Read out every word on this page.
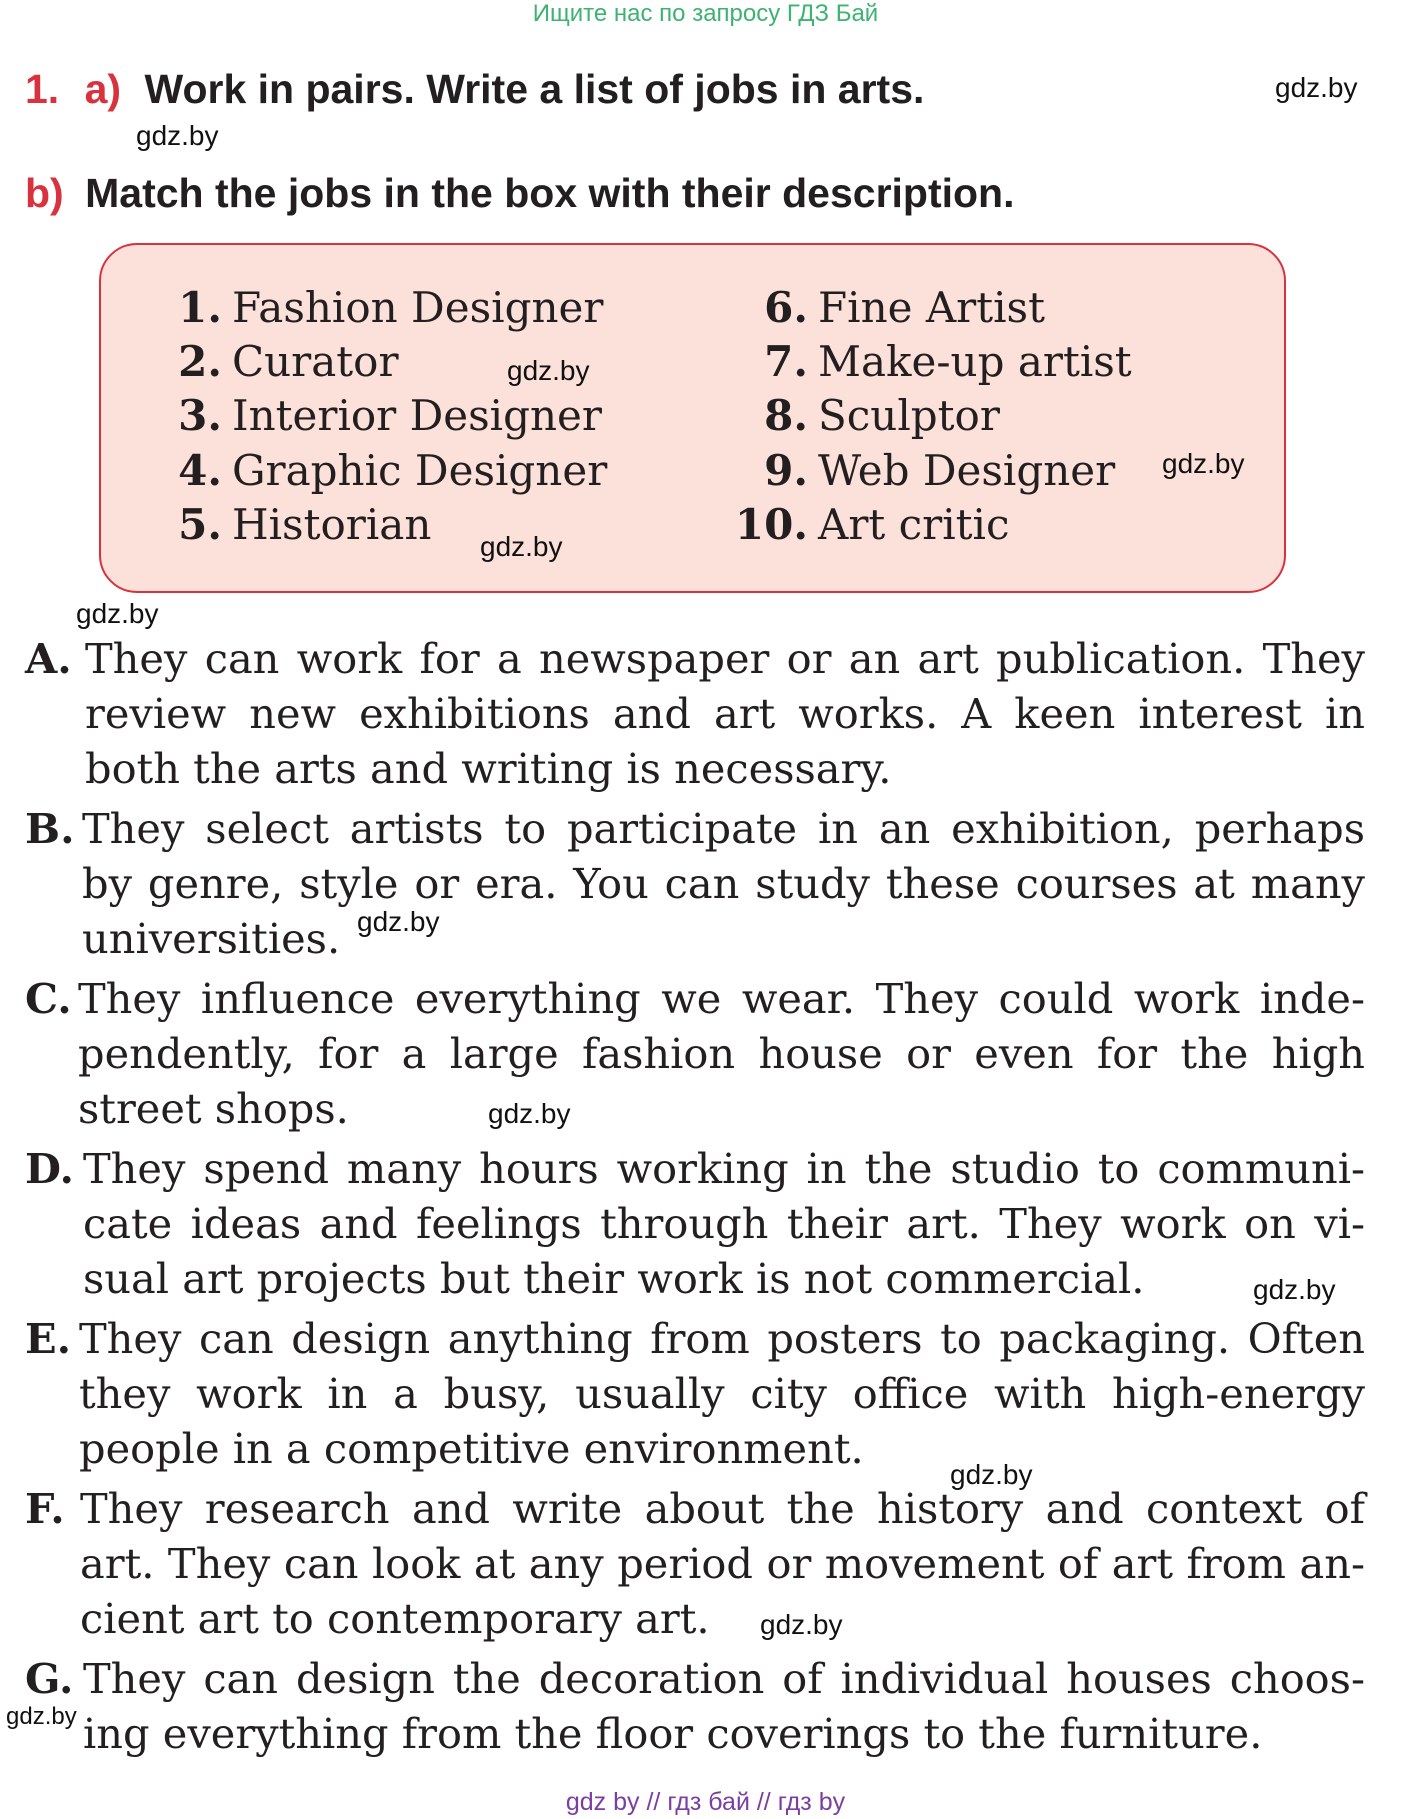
Ищите нас по запросу ГДЗ Бай
1. a) Work in pairs. Write a list of jobs in arts.
b) Match the jobs in the box with their description.
1. Fashion Designer
2. Curator
3. Interior Designer
4. Graphic Designer
5. Historian
6. Fine Artist
7. Make-up artist
8. Sculptor
9. Web Designer
10. Art critic
A. They can work for a newspaper or an art publication. They
review new exhibitions and art works. A keen interest in
both the arts and writing is necessary.
B. They select artists to participate in an exhibition, perhaps
by genre, style or era. You can study these courses at many
universities.
C. They influence everything we wear. They could work inde-
pendently, for a large fashion house or even for the high
street shops.
D. They spend many hours working in the studio to communi-
cate ideas and feelings through their art. They work on vi-
sual art projects but their work is not commercial.
E. They can design anything from posters to packaging. Often
they work in a busy, usually city office with high-energy
people in a competitive environment.
F. They research and write about the history and context of
art. They can look at any period or movement of art from an-
cient art to contemporary art.
G. They can design the decoration of individual houses choos-
ing everything from the floor coverings to the furniture.
gdz.by
gdz.by
gdz.by
gdz.by
gdz.by
gdz.by
gdz.by
gdz.by
gdz.by
gdz.by
gdz.by
gdz.by
gdz by // гдз бай // гдз by
